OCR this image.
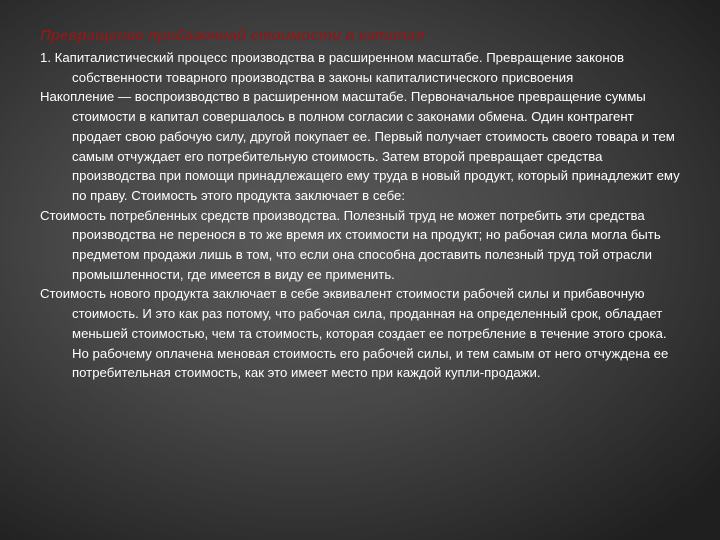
Превращение прибавочной стоимости в капитал

1. Капиталистический процесс производства в расширенном масштабе. Превращение законов собственности товарного производства в законы капиталистического присвоения

Накопление — воспроизводство в расширенном масштабе. Первоначальное превращение суммы стоимости в капитал совершалось в полном согласии с законами обмена. Один контрагент продает свою рабочую силу, другой покупает ее. Первый получает стоимость своего товара и тем самым отчуждает его потребительную стоимость. Затем второй превращает средства производства при помощи принадлежащего ему труда в новый продукт, который принадлежит ему по праву. Стоимость этого продукта заключает в себе:

Стоимость потребленных средств производства. Полезный труд не может потребить эти средства производства не перенося в то же время их стоимости на продукт; но рабочая сила могла быть предметом продажи лишь в том, что если она способна доставить полезный труд той отрасли промышленности, где имеется в виду ее применить.

Стоимость нового продукта заключает в себе эквивалент стоимости рабочей силы и прибавочную стоимость. И это как раз потому, что рабочая сила, проданная на определенный срок, обладает меньшей стоимостью, чем та стоимость, которая создает ее потребление в течение этого срока. Но рабочему оплачена меновая стоимость его рабочей силы, и тем самым от него отчуждена ее потребительная стоимость, как это имеет место при каждой купли-продажи.
